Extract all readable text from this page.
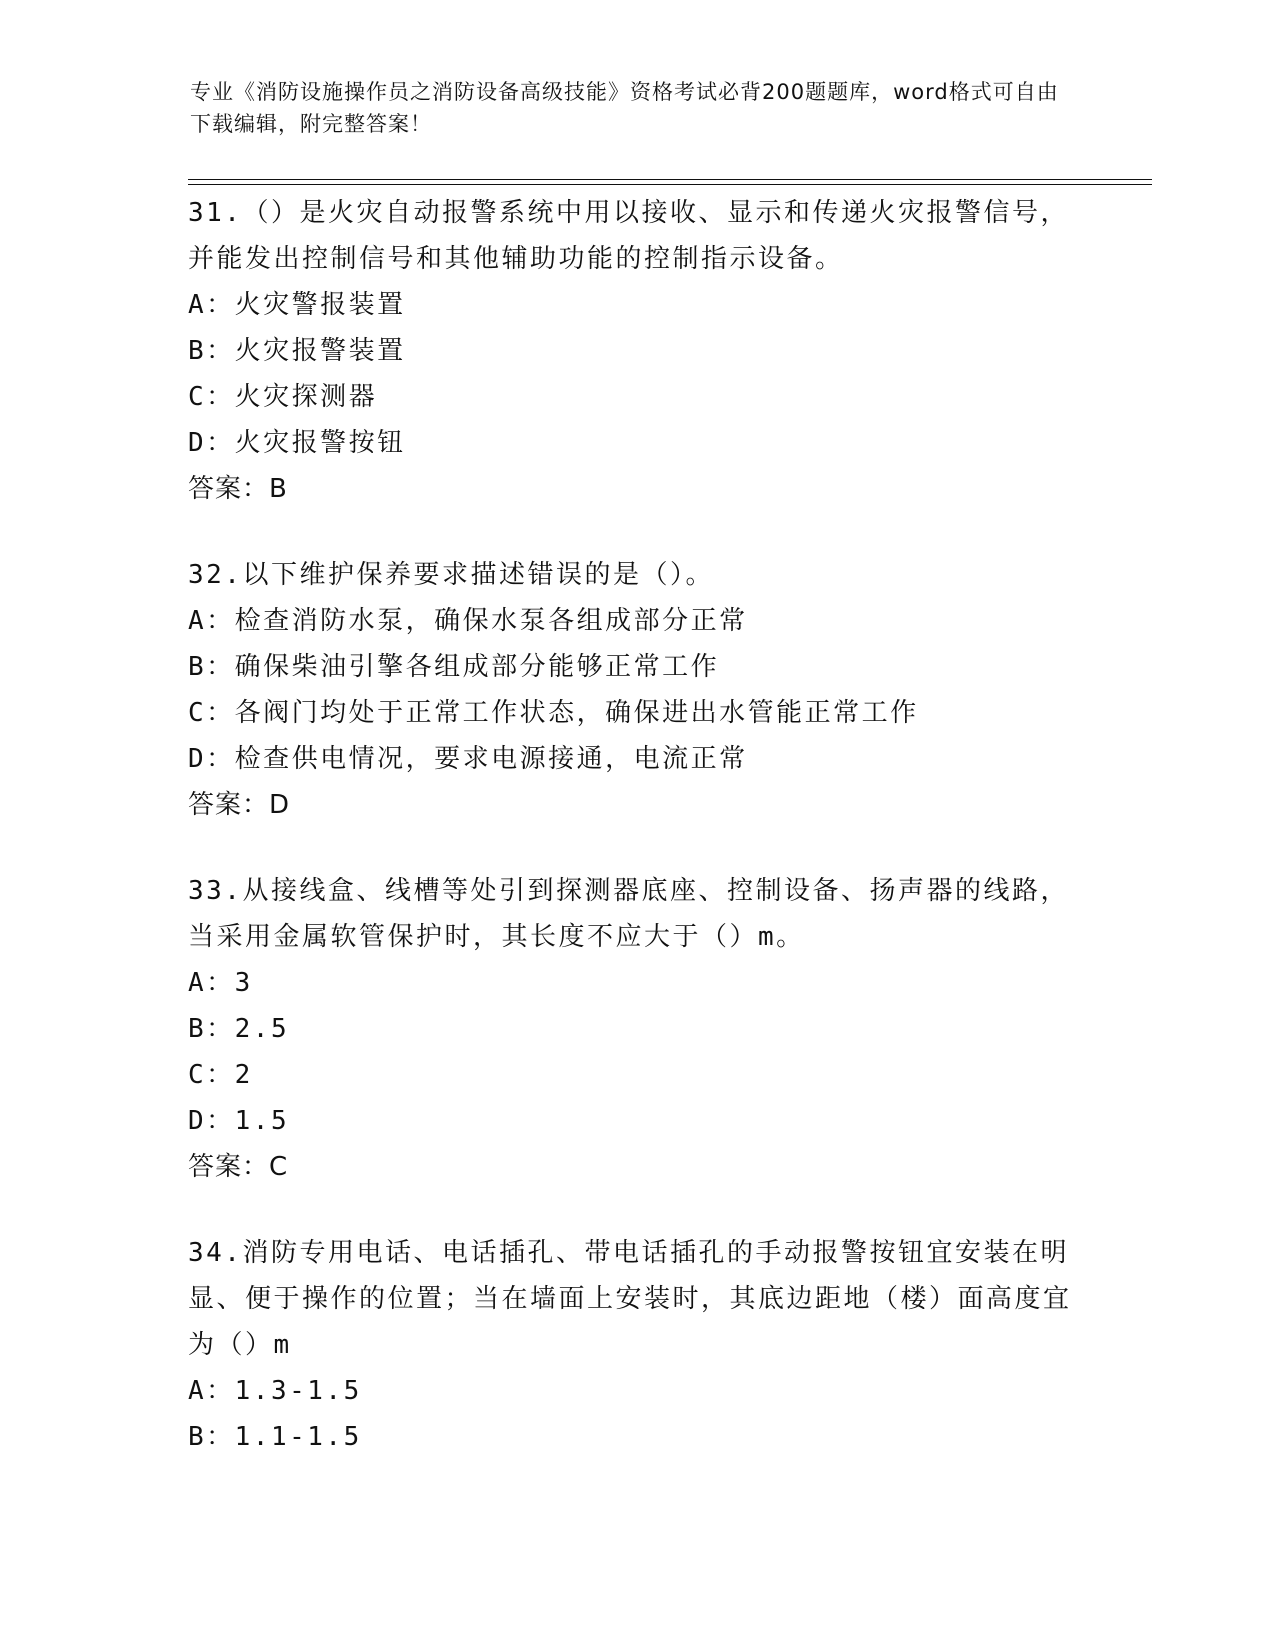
专业《消防设施操作员之消防设备高级技能》资格考试必背200题题库，word格式可自由下载编辑，附完整答案！

31.（）是火灾自动报警系统中用以接收、显示和传递火灾报警信号，并能发出控制信号和其他辅助功能的控制指示设备。

A：火灾警报装置

B：火灾报警装置

C：火灾探测器

D：火灾报警按钮

答案：B

32.以下维护保养要求描述错误的是（）。

A：检查消防水泵，确保水泵各组成部分正常

B：确保柴油引擎各组成部分能够正常工作

C：各阀门均处于正常工作状态，确保进出水管能正常工作

D：检查供电情况，要求电源接通，电流正常

答案：D

33.从接线盒、线槽等处引到探测器底座、控制设备、扬声器的线路，当采用金属软管保护时，其长度不应大于（）m。

A：3

B：2.5

C：2

D：1.5

答案：C

34.消防专用电话、电话插孔、带电话插孔的手动报警按钮宜安装在明显、便于操作的位置；当在墙面上安装时，其底边距地（楼）面高度宜为（）m

A：1.3-1.5

B：1.1-1.5
